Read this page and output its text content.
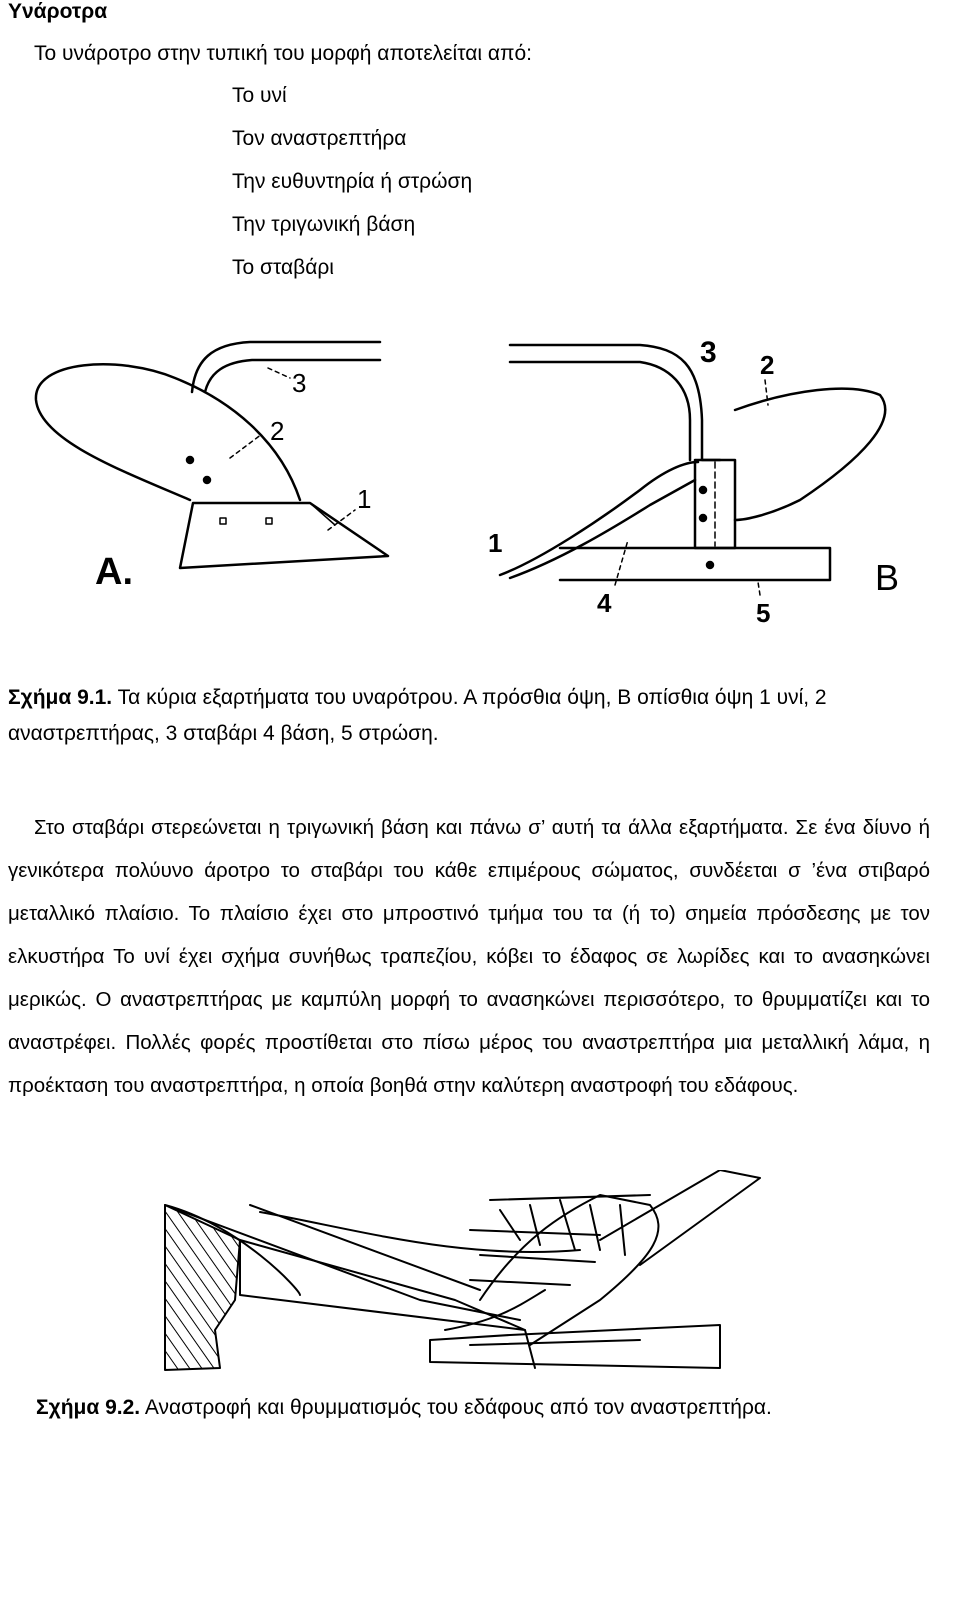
Υνάροτρα
Το υνάροτρο στην τυπική του μορφή αποτελείται από:
Το υνί
Τον αναστρεπτήρα
Την ευθυντηρία ή στρώση
Την τριγωνική βάση
Το σταβάρι
3
2
1
A.
3 2
1
4	5
B
Σχήμα 9.1. Τα κύρια εξαρτήματα του υναρότρου. Α πρόσθια όψη, Β οπίσθια όψη 1 υνί, 2 αναστρεπτήρας, 3 σταβάρι 4 βάση, 5 στρώση.
Στο σταβάρι στερεώνεται η τριγωνική βάση και πάνω σ’ αυτή τα άλλα εξαρτήματα. Σε ένα δίυνο ή γενικότερα πολύυνο άροτρο το σταβάρι του κάθε επιμέρους σώματος, συνδέεται σ ’ένα στιβαρό μεταλλικό πλαίσιο. Το πλαίσιο έχει στο μπροστινό τμήμα του τα (ή το) σημεία πρόσδεσης με τον ελκυστήρα Το υνί έχει σχήμα συνήθως τραπεζίου, κόβει το έδαφος σε λωρίδες και το ανασηκώνει μερικώς. Ο αναστρεπτήρας με καμπύλη μορφή το ανασηκώνει περισσότερο, το θρυμματίζει και το αναστρέφει. Πολλές φορές προστίθεται στο πίσω μέρος του αναστρεπτήρα μια μεταλλική λάμα, η προέκταση του αναστρεπτήρα, η οποία βοηθά στην καλύτερη αναστροφή του εδάφους.
Σχήμα 9.2. Αναστροφή και θρυμματισμός του εδάφους από τον αναστρεπτήρα.
